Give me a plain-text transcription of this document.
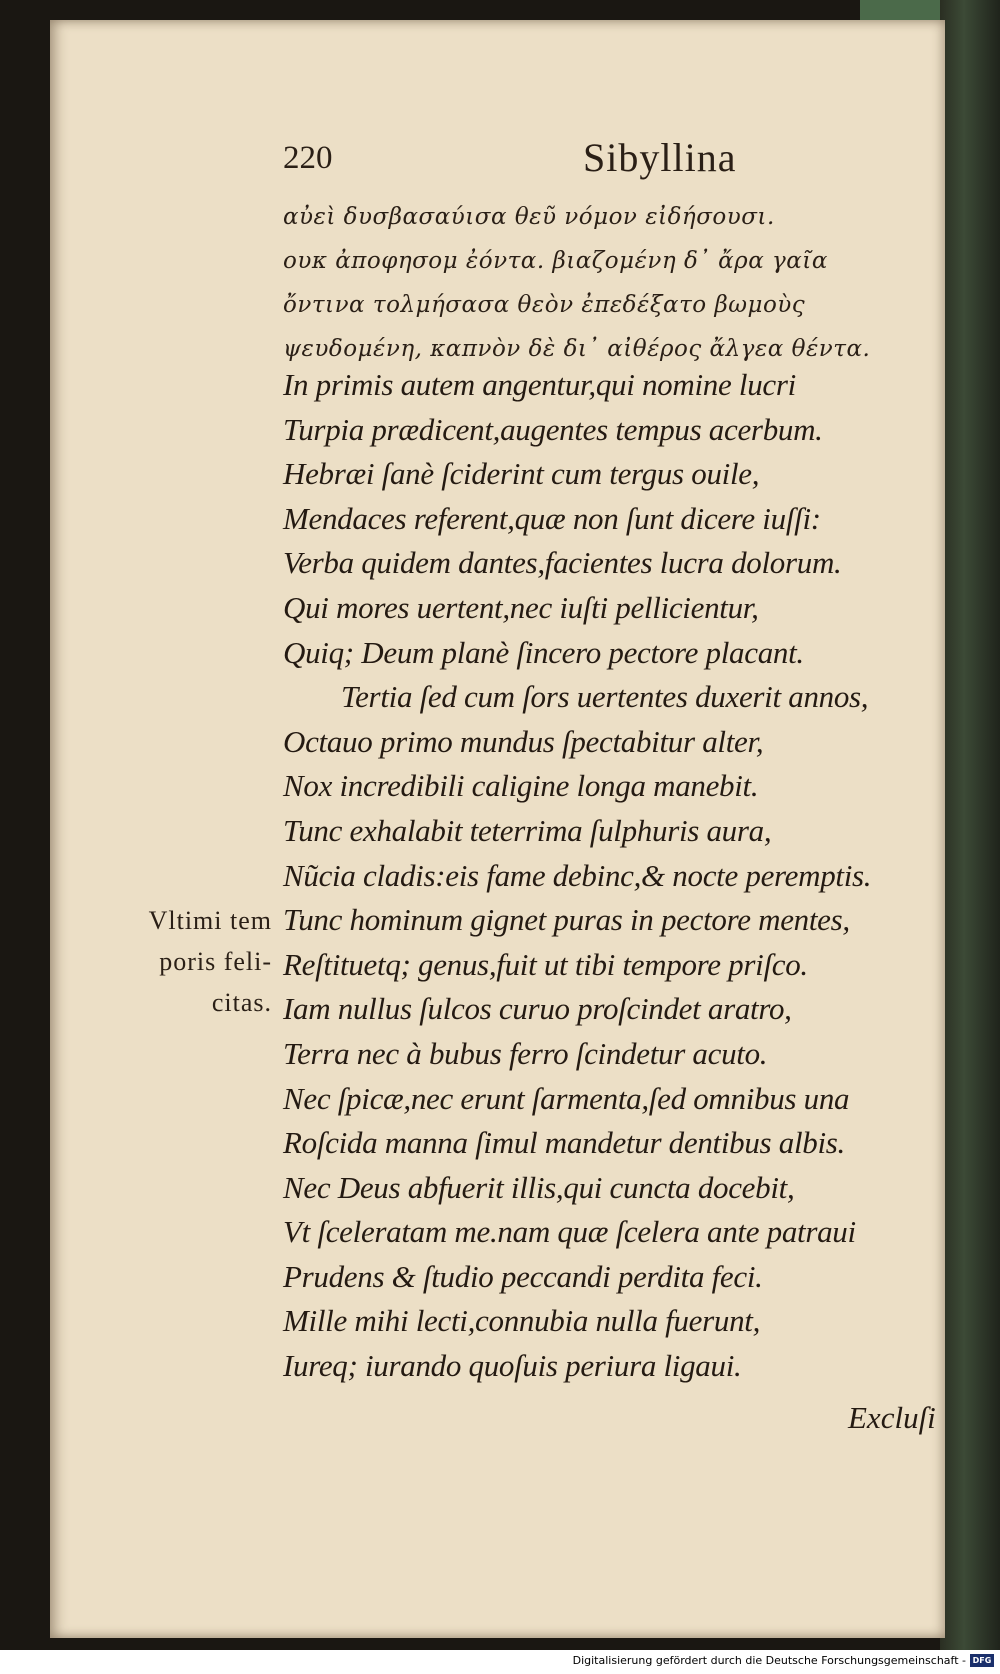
220	Sibyllina
αὐεὶ δυσβασαύισα θεῦ νόμον εἰδήσουσι.
ουκ ἀποφησομ ἐόντα. βιαζομένη δ᾽ ἄρα γαῖα
ὄντινα τολμήσασα θεὸν ἐπεδέξατο βωμοὺς
ψευδομένη, καπνὸν δὲ δι᾽ αἰθέρος ἄλγεα θέντα.
In primis autem angentur,qui nomine lucri
Turpia prædicent,augentes tempus acerbum.
Hebræi ſanè ſciderint cum tergus ouile,
Mendaces referent,quæ non ſunt dicere iuſſi:
Verba quidem dantes,facientes lucra dolorum.
Qui mores uertent,nec iuſti pellicientur,
Quiq; Deum planè ſincero pectore placant.
Tertia ſed cum ſors uertentes duxerit annos,
Octauo primo mundus ſpectabitur alter,
Nox incredibili caligine longa manebit.
Tunc exhalabit teterrima ſulphuris aura,
Nũcia cladis:eis fame debinc,& nocte peremptis.
Tunc hominum gignet puras in pectore mentes,
Reſtituetq; genus,fuit ut tibi tempore priſco.
Iam nullus ſulcos curuo proſcindet aratro,
Terra nec à bubus ferro ſcindetur acuto.
Nec ſpicæ,nec erunt ſarmenta,ſed omnibus una
Roſcida manna ſimul mandetur dentibus albis.
Nec Deus abfuerit illis,qui cuncta docebit,
Vt ſceleratam me.nam quæ ſcelera ante patraui
Prudens & ſtudio peccandi perdita feci.
Mille mihi lecti,connubia nulla fuerunt,
Iureq; iurando quoſuis periura ligaui.
Vltimi tem
poris feli-
citas.
Excluſi
Digitalisierung gefördert durch die Deutsche Forschungsgemeinschaft - DFG
